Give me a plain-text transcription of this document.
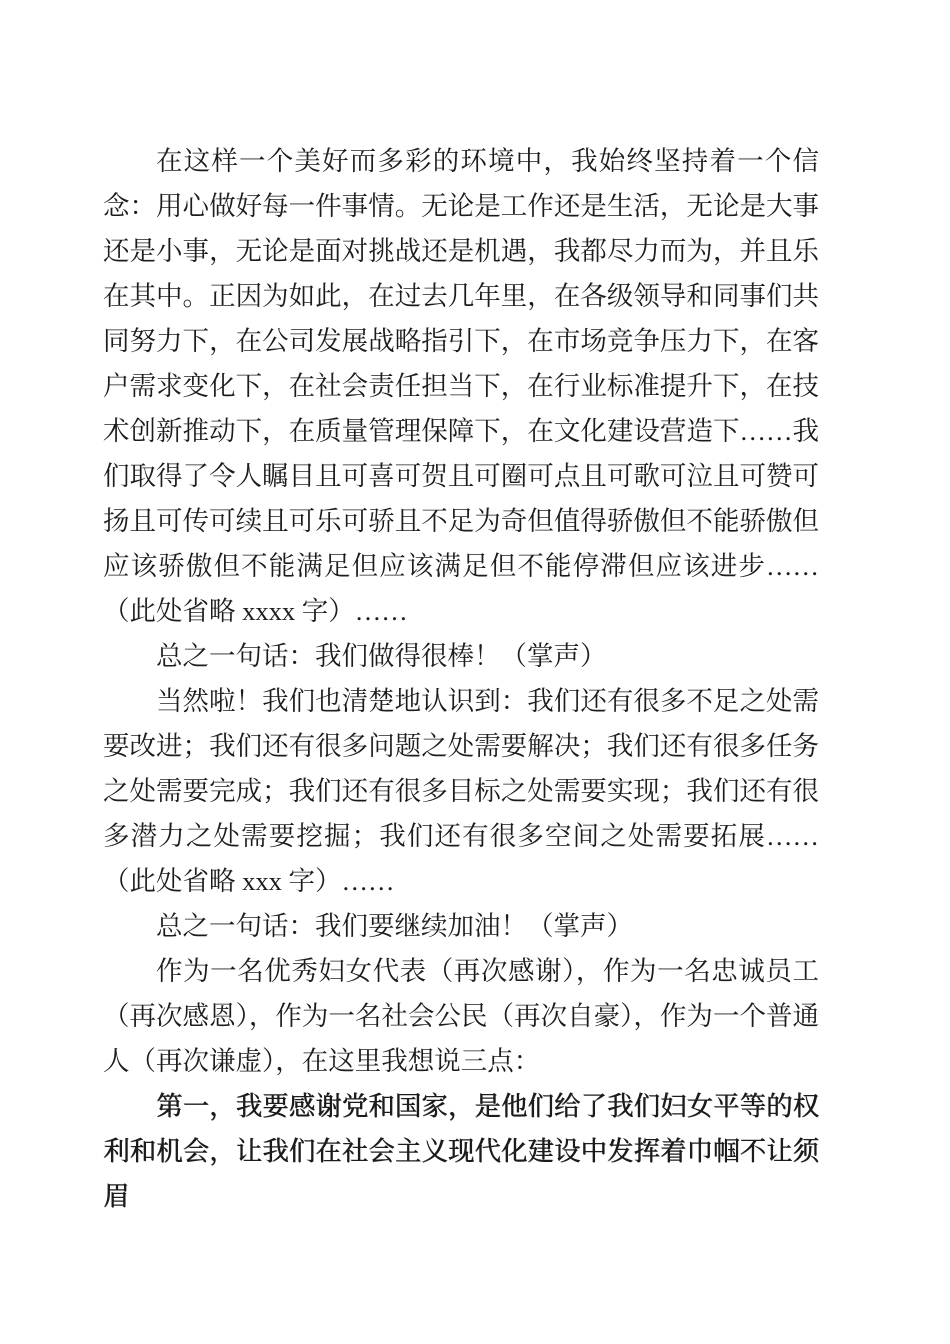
在这样一个美好而多彩的环境中，我始终坚持着一个信念：用心做好每一件事情。无论是工作还是生活，无论是大事还是小事，无论是面对挑战还是机遇，我都尽力而为，并且乐在其中。正因为如此，在过去几年里，在各级领导和同事们共同努力下，在公司发展战略指引下，在市场竞争压力下，在客户需求变化下，在社会责任担当下，在行业标准提升下，在技术创新推动下，在质量管理保障下，在文化建设营造下……我们取得了令人瞩目且可喜可贺且可圈可点且可歌可泣且可赞可扬且可传可续且可乐可骄且不足为奇但值得骄傲但不能骄傲但应该骄傲但不能满足但应该满足但不能停滞但应该进步……（此处省略 xxxx 字）……

总之一句话：我们做得很棒！（掌声）

当然啦！我们也清楚地认识到：我们还有很多不足之处需要改进；我们还有很多问题之处需要解决；我们还有很多任务之处需要完成；我们还有很多目标之处需要实现；我们还有很多潜力之处需要挖掘；我们还有很多空间之处需要拓展……（此处省略 xxx 字）……

总之一句话：我们要继续加油！（掌声）

作为一名优秀妇女代表（再次感谢），作为一名忠诚员工（再次感恩），作为一名社会公民（再次自豪），作为一个普通人（再次谦虚），在这里我想说三点：

第一，我要感谢党和国家，是他们给了我们妇女平等的权利和机会，让我们在社会主义现代化建设中发挥着巾帼不让须眉
